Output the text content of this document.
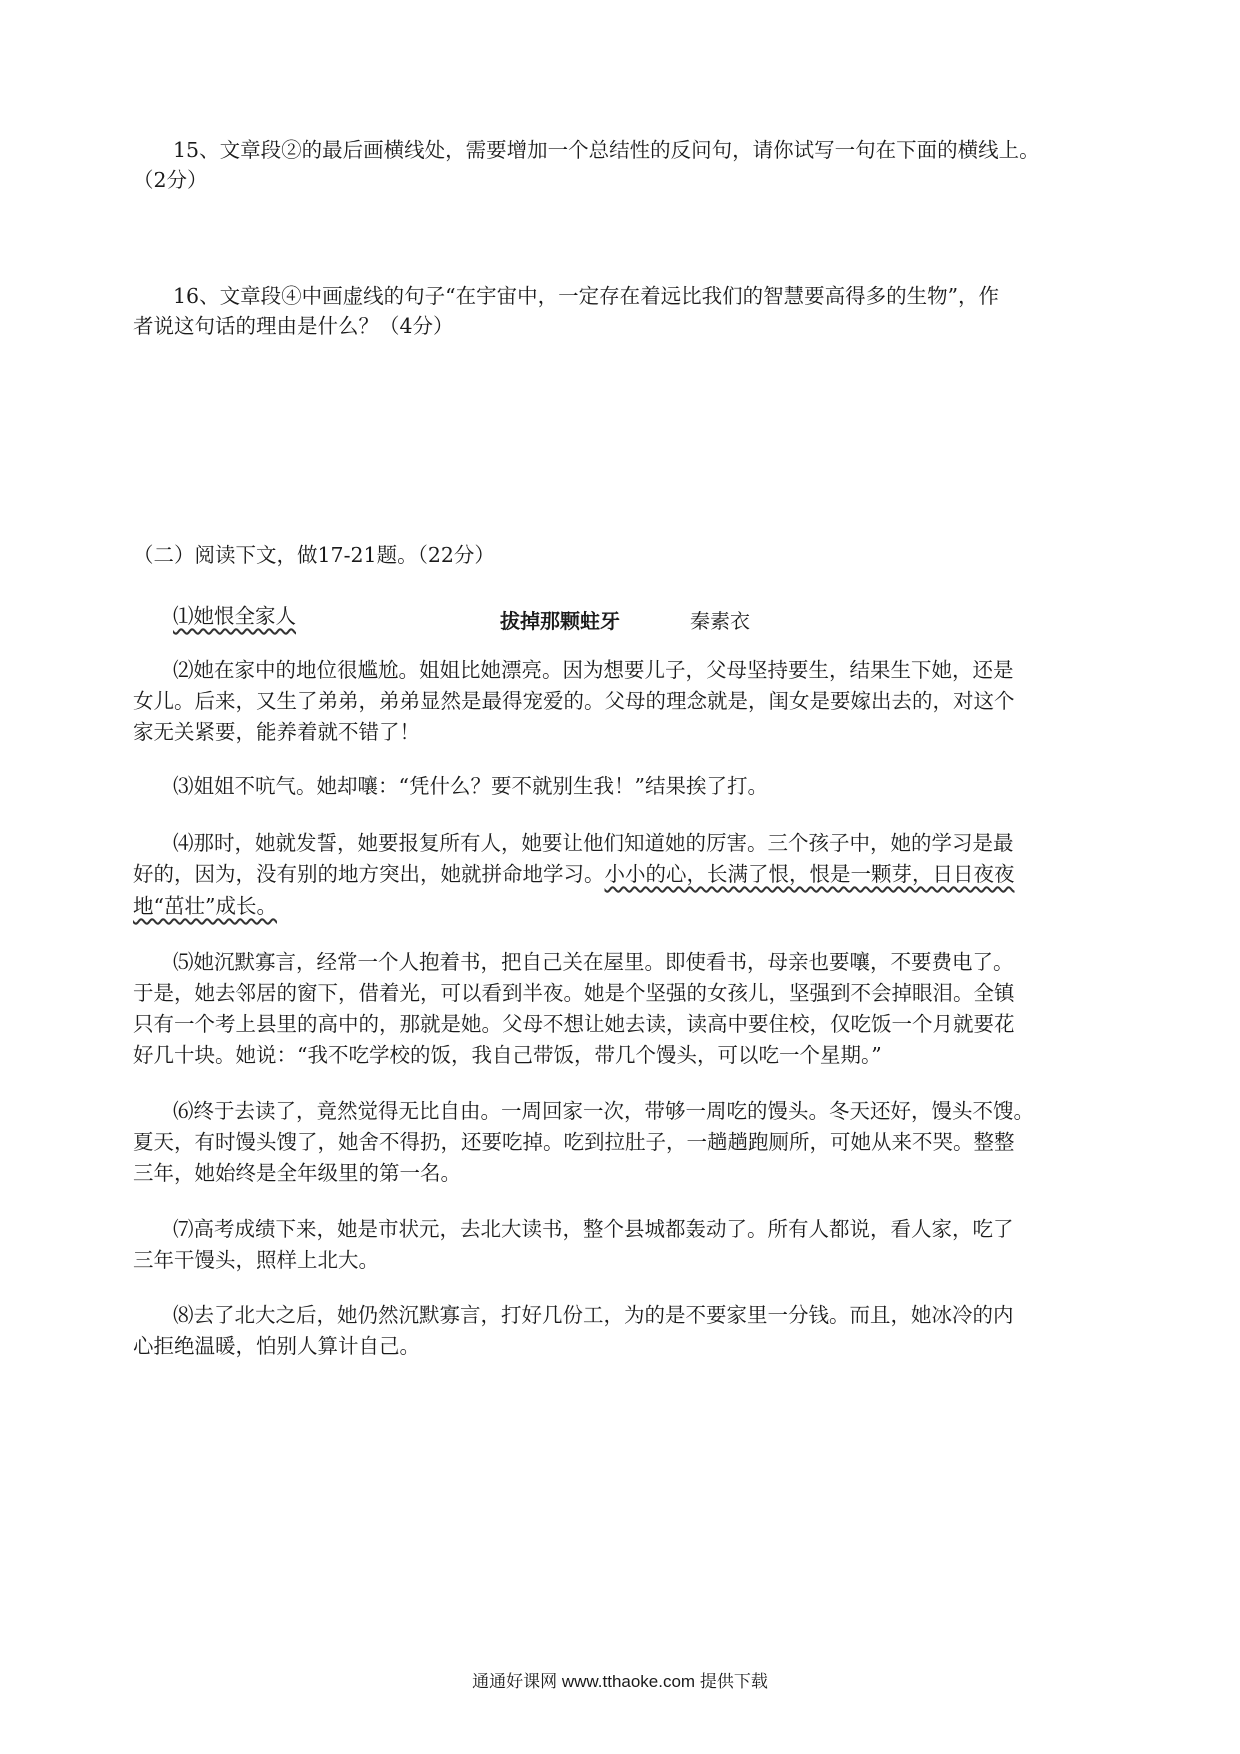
15、文章段②的最后画横线处，需要增加一个总结性的反问句，请你试写一句在下面的横线上。
（2分）
16、文章段④中画虚线的句子“在宇宙中，一定存在着远比我们的智慧要高得多的生物”，作
者说这句话的理由是什么？（4分）
（二）阅读下文，做17-21题。（22分）
拔掉那颗蛀牙	秦素衣
⑴她恨全家人
⑵她在家中的地位很尴尬。姐姐比她漂亮。因为想要儿子，父母坚持要生，结果生下她，还是
女儿。后来，又生了弟弟，弟弟显然是最得宠爱的。父母的理念就是，闺女是要嫁出去的，对这个
家无关紧要，能养着就不错了！
⑶姐姐不吭气。她却嚷：“凭什么？要不就别生我！”结果挨了打。
⑷那时，她就发誓，她要报复所有人，她要让他们知道她的厉害。三个孩子中，她的学习是最
好的，因为，没有别的地方突出，她就拼命地学习。小小的心，长满了恨，恨是一颗芽，日日夜夜
地“茁壮”成长。
⑸她沉默寡言，经常一个人抱着书，把自己关在屋里。即使看书，母亲也要嚷，不要费电了。
于是，她去邻居的窗下，借着光，可以看到半夜。她是个坚强的女孩儿，坚强到不会掉眼泪。全镇
只有一个考上县里的高中的，那就是她。父母不想让她去读，读高中要住校，仅吃饭一个月就要花
好几十块。她说：“我不吃学校的饭，我自己带饭，带几个馒头，可以吃一个星期。”
⑹终于去读了，竟然觉得无比自由。一周回家一次，带够一周吃的馒头。冬天还好，馒头不馊。
夏天，有时馒头馊了，她舍不得扔，还要吃掉。吃到拉肚子，一趟趟跑厕所，可她从来不哭。整整
三年，她始终是全年级里的第一名。
⑺高考成绩下来，她是市状元，去北大读书，整个县城都轰动了。所有人都说，看人家，吃了
三年干馒头，照样上北大。
⑻去了北大之后，她仍然沉默寡言，打好几份工，为的是不要家里一分钱。而且，她冰冷的内
心拒绝温暖，怕别人算计自己。
通通好课网 www.tthaoke.com 提供下载
